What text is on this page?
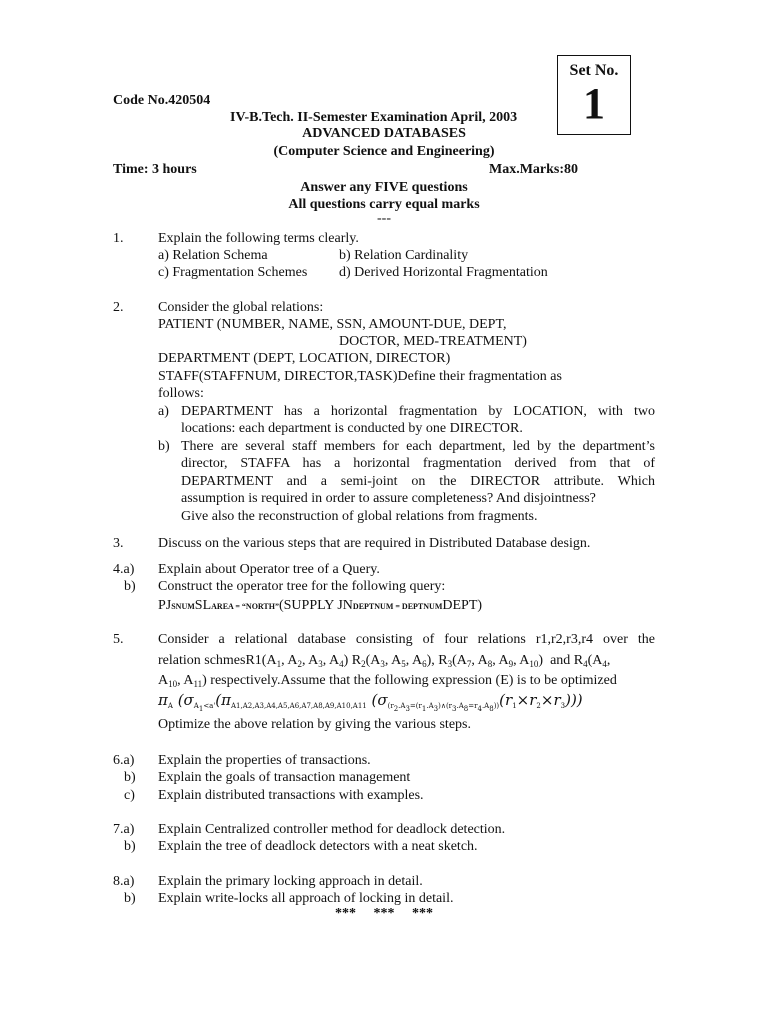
Set No.
1
Code No.420504
IV-B.Tech. II-Semester Examination April, 2003
ADVANCED DATABASES
(Computer Science and Engineering)
Time: 3 hours	Max.Marks:80
Answer any FIVE questions
All questions carry equal marks
---
1. Explain the following terms clearly.
a) Relation Schema	b) Relation Cardinality
c) Fragmentation Schemes d) Derived Horizontal Fragmentation
2. Consider the global relations:
PATIENT (NUMBER, NAME, SSN, AMOUNT-DUE, DEPT,
DOCTOR, MED-TREATMENT)
DEPARTMENT (DEPT, LOCATION, DIRECTOR)
STAFF(STAFFNUM, DIRECTOR,TASK)Define their fragmentation as
follows:
a) DEPARTMENT has a horizontal fragmentation by LOCATION, with two
locations: each department is conducted by one DIRECTOR.
b) There are several staff members for each department, led by the department’s
director, STAFFA has a horizontal fragmentation derived from that of
DEPARTMENT and a semi-joint on the DIRECTOR attribute. Which
assumption is required in order to assure completeness? And disjointness?
Give also the reconstruction of global relations from fragments.
3. Discuss on the various steps that are required in Distributed Database design.
4.a) Explain about Operator tree of a Query.
b) Construct the operator tree for the following query:
PJSNUMSLAREA = “NORTH”(SUPPLY JNDEPTNUM = DEPTNUMDEPT)
5. Consider a relational database consisting of four relations r1,r2,r3,r4 over the
relation $schmesR1(A_1$, $A_2$, $A_3$, $A_4$) $R_2(A_3$, $A_5$, $A_6$), $R_3(A_7$, $A_8$, $A_9$, $A_{10}$)  and $R_4(A_4$,
$A_{10}$, $A_{11}$) respectively.Assume that the following expression (E) is to be optimized
$\pi_A$ ($\sigma_{A_1<a'}(\pi_{A1,A2,A3,A4,A5,A6,A7,A8,A9,A10,A11}$ $(\sigma_{(r_2.A_3=(r_1.A_3)\wedge(r_3.A_8=r_4.A_8))}(r_1\times r_2\times r_3))$)
Optimize the above relation by giving the various steps.
6.a) Explain the properties of transactions.
b) Explain the goals of transaction management
c) Explain distributed transactions with examples.
7.a) Explain Centralized controller method for deadlock detection.
b) Explain the tree of deadlock detectors with a neat sketch.
8.a) Explain the primary locking approach in detail.
b) Explain write-locks all approach of locking in detail.
***     ***     ***
